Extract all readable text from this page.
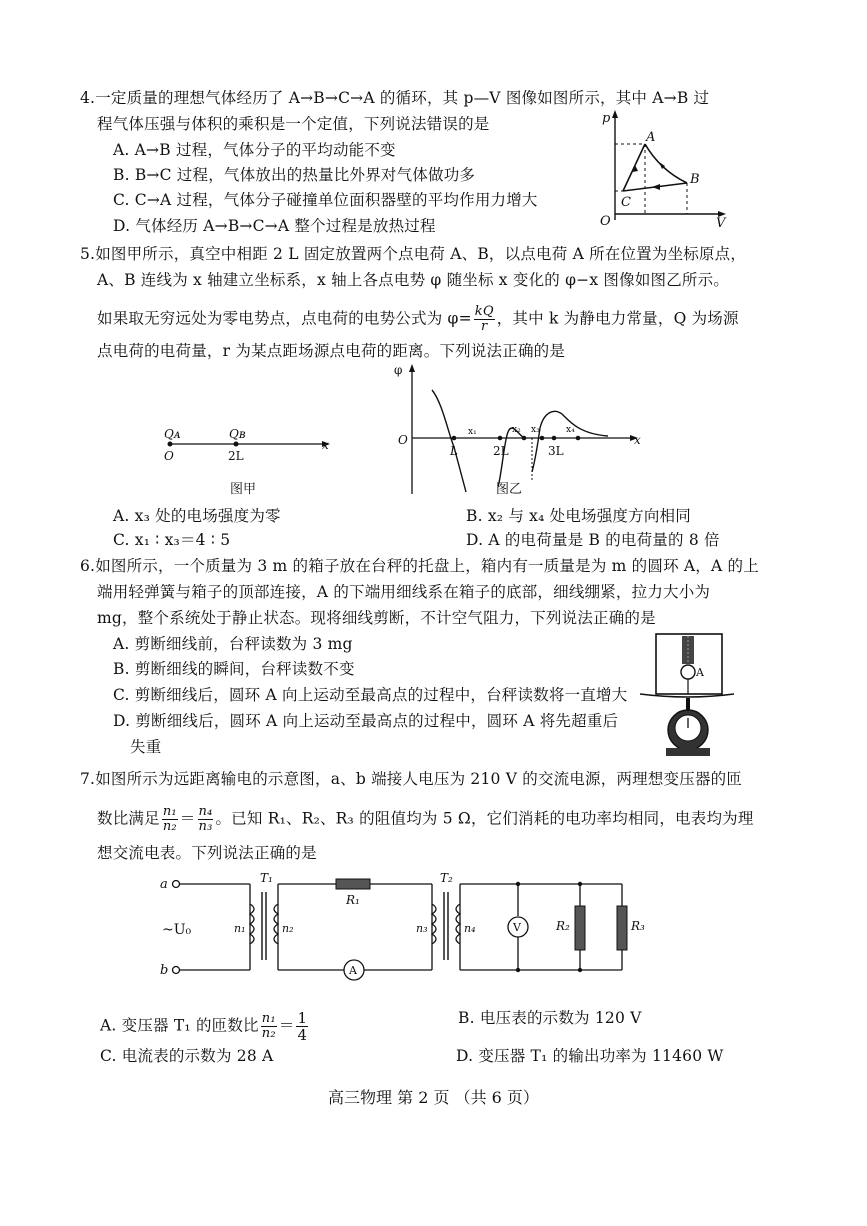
4.一定质量的理想气体经历了 A→B→C→A 的循环，其 p—V 图像如图所示，其中 A→B 过
程气体压强与体积的乘积是一个定值，下列说法错误的是
A. A→B 过程，气体分子的平均动能不变
B. B→C 过程，气体放出的热量比外界对气体做功多
C. C→A 过程，气体分子碰撞单位面积器壁的平均作用力增大
D. 气体经历 A→B→C→A 整个过程是放热过程
p
V
O
A
B
C
5.如图甲所示，真空中相距 2 L 固定放置两个点电荷 A、B，以点电荷 A 所在位置为坐标原点，
A、B 连线为 x 轴建立坐标系，x 轴上各点电势 φ 随坐标 x 变化的 φ−x 图像如图乙所示。
如果取无穷远处为零电势点，点电荷的电势公式为 $\varphi= \frac{kQ}{r}$ ，其中 k 为静电力常量，Q 为场源
点电荷的电荷量，r 为某点距场源点电荷的距离。下列说法正确的是
Qᴀ	Qʙ
O	2L
x
图甲
φ
O
L	2L	3L
x
x₁	x₂ x₃	x₄
图乙
A. x₃ 处的电场强度为零	B. x₂ 与 x₄ 处电场强度方向相同
C. x₁ ∶ x₃＝4 ∶ 5	D. A 的电荷量是 B 的电荷量的 8 倍
6.如图所示，一个质量为 3 m 的箱子放在台秤的托盘上，箱内有一质量是为 m 的圆环 A，A 的上
端用轻弹簧与箱子的顶部连接，A 的下端用细线系在箱子的底部，细线绷紧，拉力大小为
mg，整个系统处于静止状态。现将细线剪断，不计空气阻力，下列说法正确的是
A. 剪断细线前，台秤读数为 3 mg
B. 剪断细线的瞬间，台秤读数不变
C. 剪断细线后，圆环 A 向上运动至最高点的过程中，台秤读数将一直增大
D. 剪断细线后，圆环 A 向上运动至最高点的过程中，圆环 A 将先超重后
失重
A
7.如图所示为远距离输电的示意图，a、b 端接人电压为 210 V 的交流电源，两理想变压器的匝
数比满足 $\frac{\text{n₁}}{\text{n₂}} = \frac{\text{n₄}}{\text{n₃}}$ 。已知 R₁、R₂、R₃ 的阻值均为 5 Ω，它们消耗的电功率均相同，电表均为理
想交流电表。下列说法正确的是
a
b
~U₀
T₁
n₁	n₂
R₁
A
T₂
n₃	n₄	V	R₂	R₃
A. 变压器 T₁ 的匝数比 $\frac{\text{n₁}}{\text{n₂}} = \frac{1}{4}$	B. 电压表的示数为 120 V
C. 电流表的示数为 28 A	D. 变压器 T₁ 的输出功率为 11460 W
高三物理 第 2 页 （共 6 页）
